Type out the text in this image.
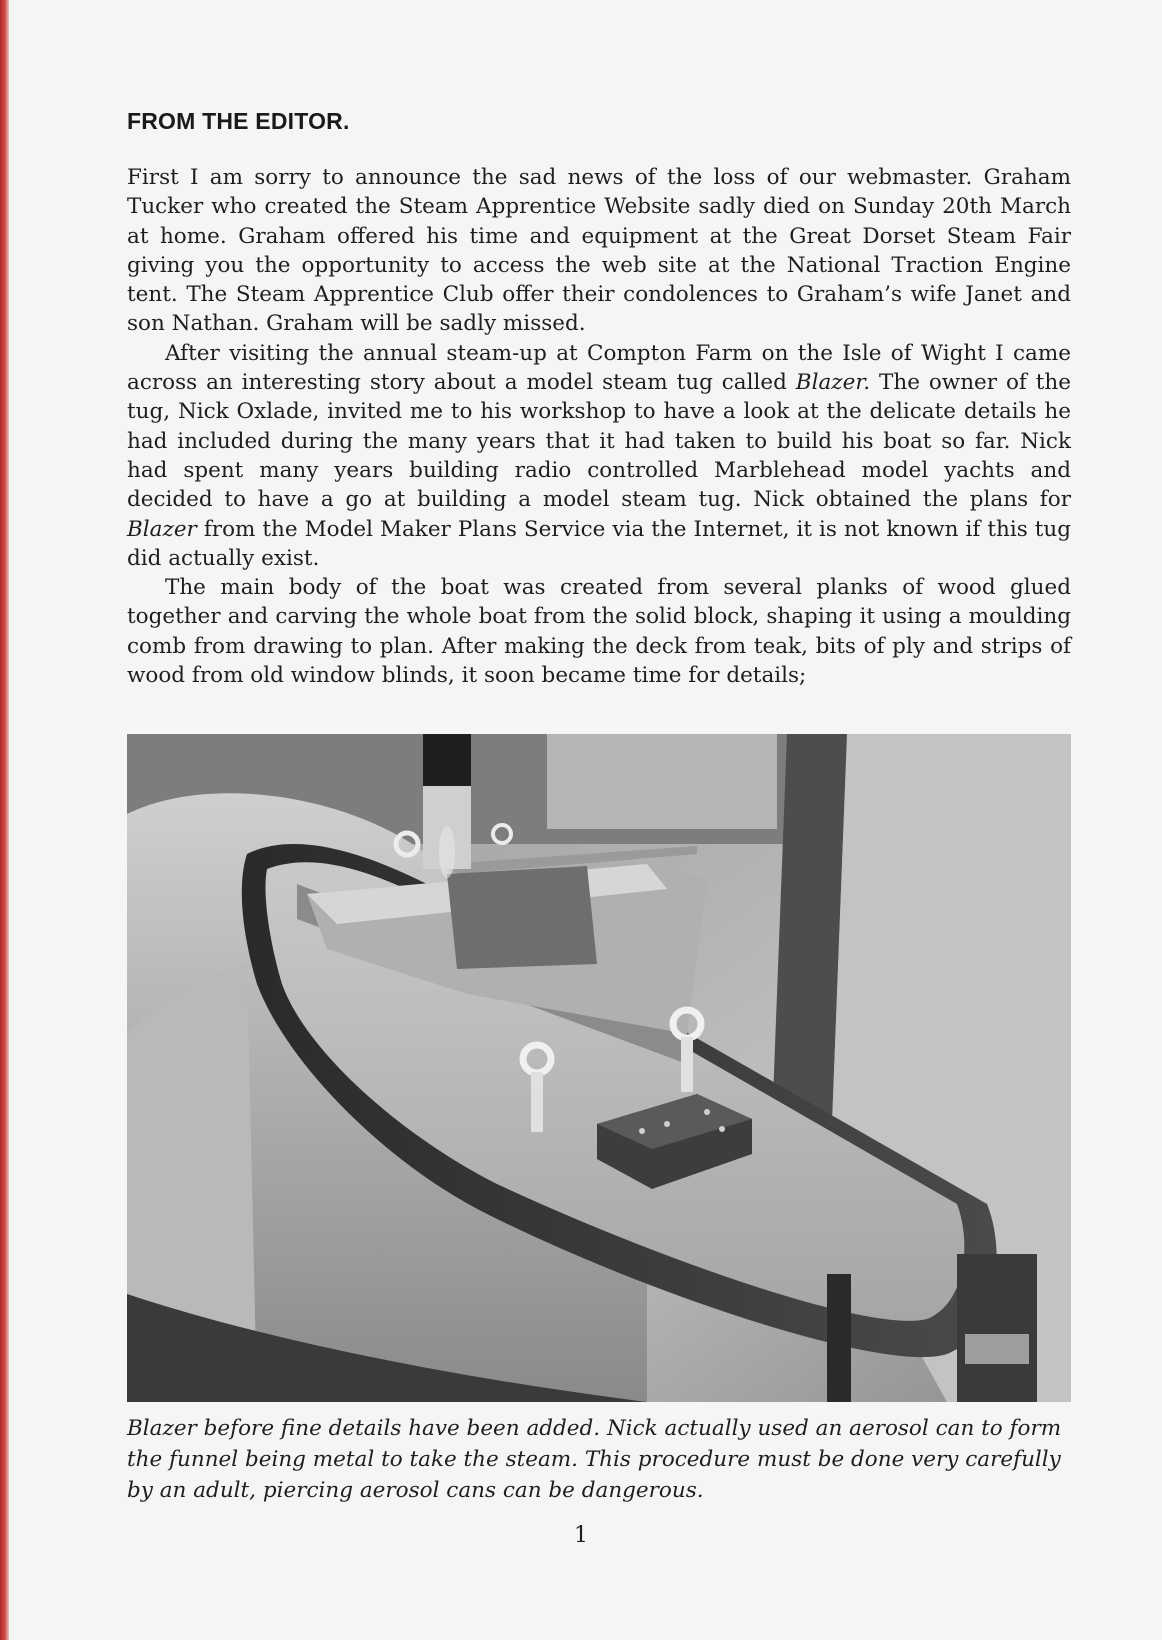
FROM THE EDITOR.

First I am sorry to announce the sad news of the loss of our webmaster. Graham Tucker who created the Steam Apprentice Website sadly died on Sunday 20th March at home. Graham offered his time and equipment at the Great Dorset Steam Fair giving you the opportunity to access the web site at the National Traction Engine tent. The Steam Apprentice Club offer their condolences to Graham’s wife Janet and son Nathan. Graham will be sadly missed.

After visiting the annual steam-up at Compton Farm on the Isle of Wight I came across an interesting story about a model steam tug called Blazer. The owner of the tug, Nick Oxlade, invited me to his workshop to have a look at the delicate details he had included during the many years that it had taken to build his boat so far. Nick had spent many years building radio controlled Marblehead model yachts and decided to have a go at building a model steam tug. Nick obtained the plans for Blazer from the Model Maker Plans Service via the Internet, it is not known if this tug did actually exist.

The main body of the boat was created from several planks of wood glued together and carving the whole boat from the solid block, shaping it using a moulding comb from drawing to plan. After making the deck from teak, bits of ply and strips of wood from old window blinds, it soon became time for details;

Blazer before fine details have been added. Nick actually used an aerosol can to form the funnel being metal to take the steam. This procedure must be done very carefully by an adult, piercing aerosol cans can be dangerous.

1
